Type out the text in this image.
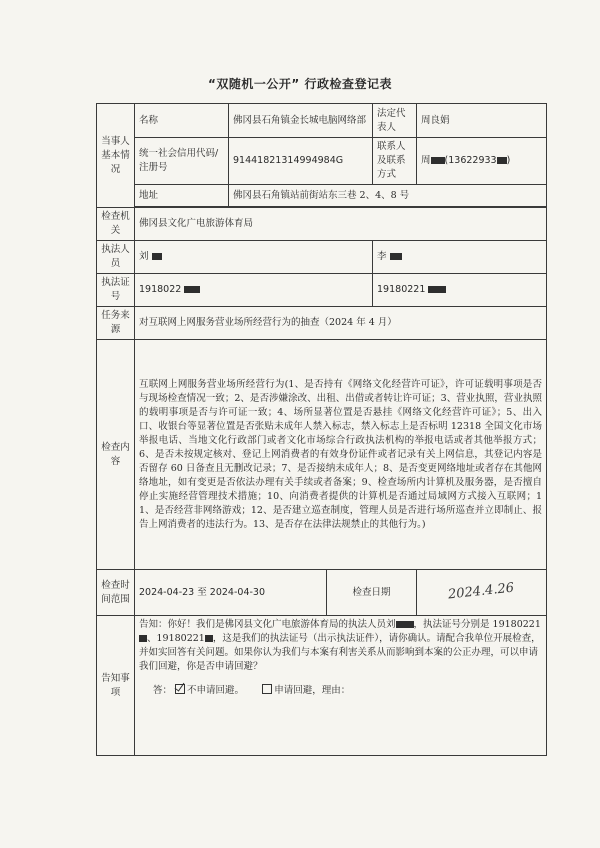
“双随机一公开” 行政检查登记表
当事人基本情况	名称	佛冈县石角镇金长城电脑网络部		法定代表人	周良娟
	统一社会信用代码/注册号	91441821314994984G		联系人及联系方式	周 (13622933 )
	地址	佛冈县石角镇站前街站东三巷 2、4、8 号			

检查机关	佛冈县文化广电旅游体育局				
执法人员	刘			李	
执法证号	1918022			19180221	
任务来源	对互联网上网服务营业场所经营行为的抽查（2024 年 4 月）				
检查内容	互联网上网服务营业场所经营行为(1、是否持有《网络文化经营许可证》，许可证载明事项是否与现场检查情况一致；2、是否涉嫌涂改、出租、出借或者转让许可证；3、营业执照，营业执照的载明事项是否与许可证一致；4、场所显著位置是否悬挂《网络文化经营许可证》；5、出入口、收银台等显著位置是否张贴未成年人禁入标志，禁入标志上是否标明 12318 全国文化市场举报电话、当地文化行政部门或者文化市场综合行政执法机构的举报电话或者其他举报方式；6、是否未按规定核对、登记上网消费者的有效身份证件或者记录有关上网信息，其登记内容是否留存 60 日备查且无删改记录；7、是否接纳未成年人；8、是否变更网络地址或者存在其他网络地址，如有变更是否依法办理有关手续或者备案；9、检查场所内计算机及服务器，是否擅自停止实施经营管理技术措施；10、向消费者提供的计算机是否通过局域网方式接入互联网；11、是否经营非网络游戏；12、是否建立巡查制度，管理人员是否进行场所巡查并立即制止、报告上网消费者的违法行为。13、是否存在法律法规禁止的其他行为。)				
检查时间范围	2024-04-23 至 2024-04-30		检查日期		2024.4.26
告知事项	告知：你好！我们是佛冈县文化广电旅游体育局的执法人员刘 ，执法证号分别是 19180221、19180221 ，这是我们的执法证号（出示执法证件），请你确认。请配合我单位开展检查，并如实回答有关问题。如果你认为我们与本案有利害关系从而影响到本案的公正办理，可以申请我们回避，你是否申请回避？
答： 不申请回避。 申请回避，理由：				
